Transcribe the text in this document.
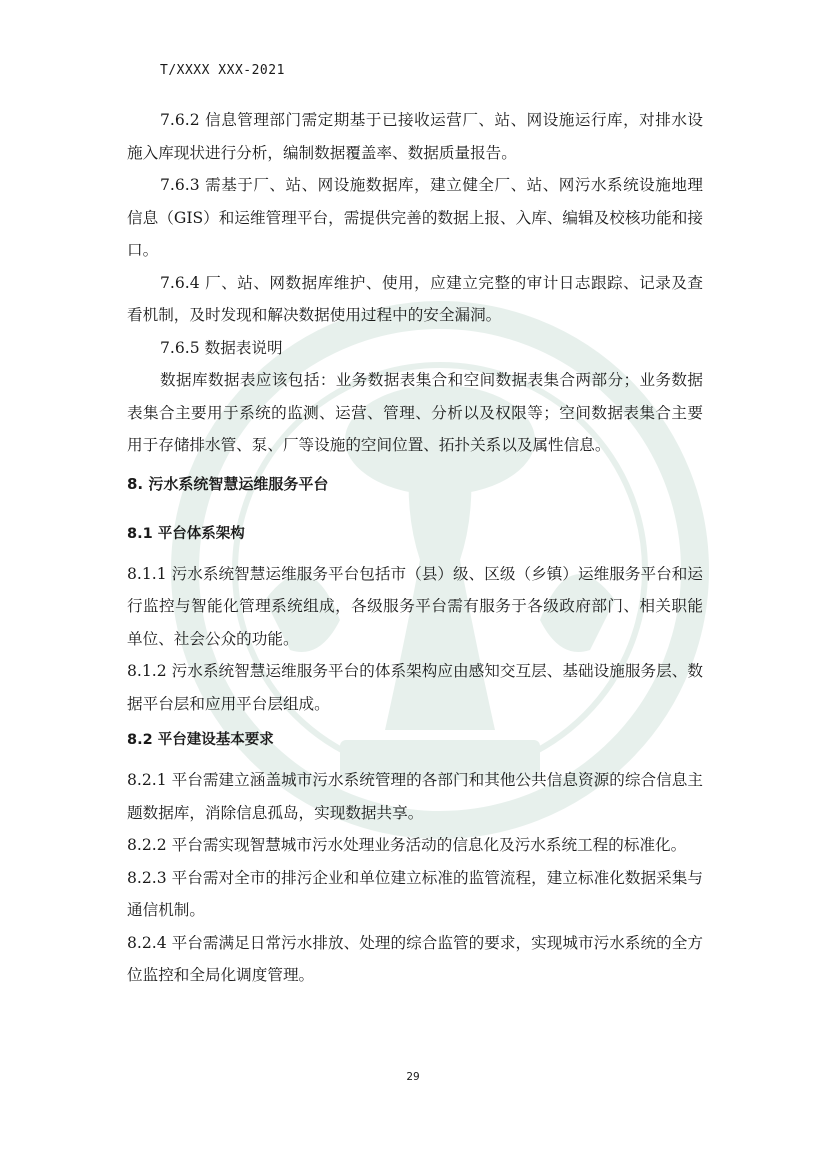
T/XXXX XXX-2021

7.6.2 信息管理部门需定期基于已接收运营厂、站、网设施运行库，对排水设施入库现状进行分析，编制数据覆盖率、数据质量报告。

7.6.3 需基于厂、站、网设施数据库，建立健全厂、站、网污水系统设施地理信息（GIS）和运维管理平台，需提供完善的数据上报、入库、编辑及校核功能和接口。

7.6.4 厂、站、网数据库维护、使用，应建立完整的审计日志跟踪、记录及查看机制，及时发现和解决数据使用过程中的安全漏洞。

7.6.5 数据表说明

数据库数据表应该包括：业务数据表集合和空间数据表集合两部分；业务数据表集合主要用于系统的监测、运营、管理、分析以及权限等；空间数据表集合主要用于存储排水管、泵、厂等设施的空间位置、拓扑关系以及属性信息。

8. 污水系统智慧运维服务平台
8.1 平台体系架构

8.1.1 污水系统智慧运维服务平台包括市（县）级、区级（乡镇）运维服务平台和运行监控与智能化管理系统组成，各级服务平台需有服务于各级政府部门、相关职能单位、社会公众的功能。

8.1.2 污水系统智慧运维服务平台的体系架构应由感知交互层、基础设施服务层、数据平台层和应用平台层组成。

8.2 平台建设基本要求

8.2.1 平台需建立涵盖城市污水系统管理的各部门和其他公共信息资源的综合信息主题数据库，消除信息孤岛，实现数据共享。

8.2.2 平台需实现智慧城市污水处理业务活动的信息化及污水系统工程的标准化。

8.2.3 平台需对全市的排污企业和单位建立标准的监管流程，建立标准化数据采集与通信机制。

8.2.4 平台需满足日常污水排放、处理的综合监管的要求，实现城市污水系统的全方位监控和全局化调度管理。

29
